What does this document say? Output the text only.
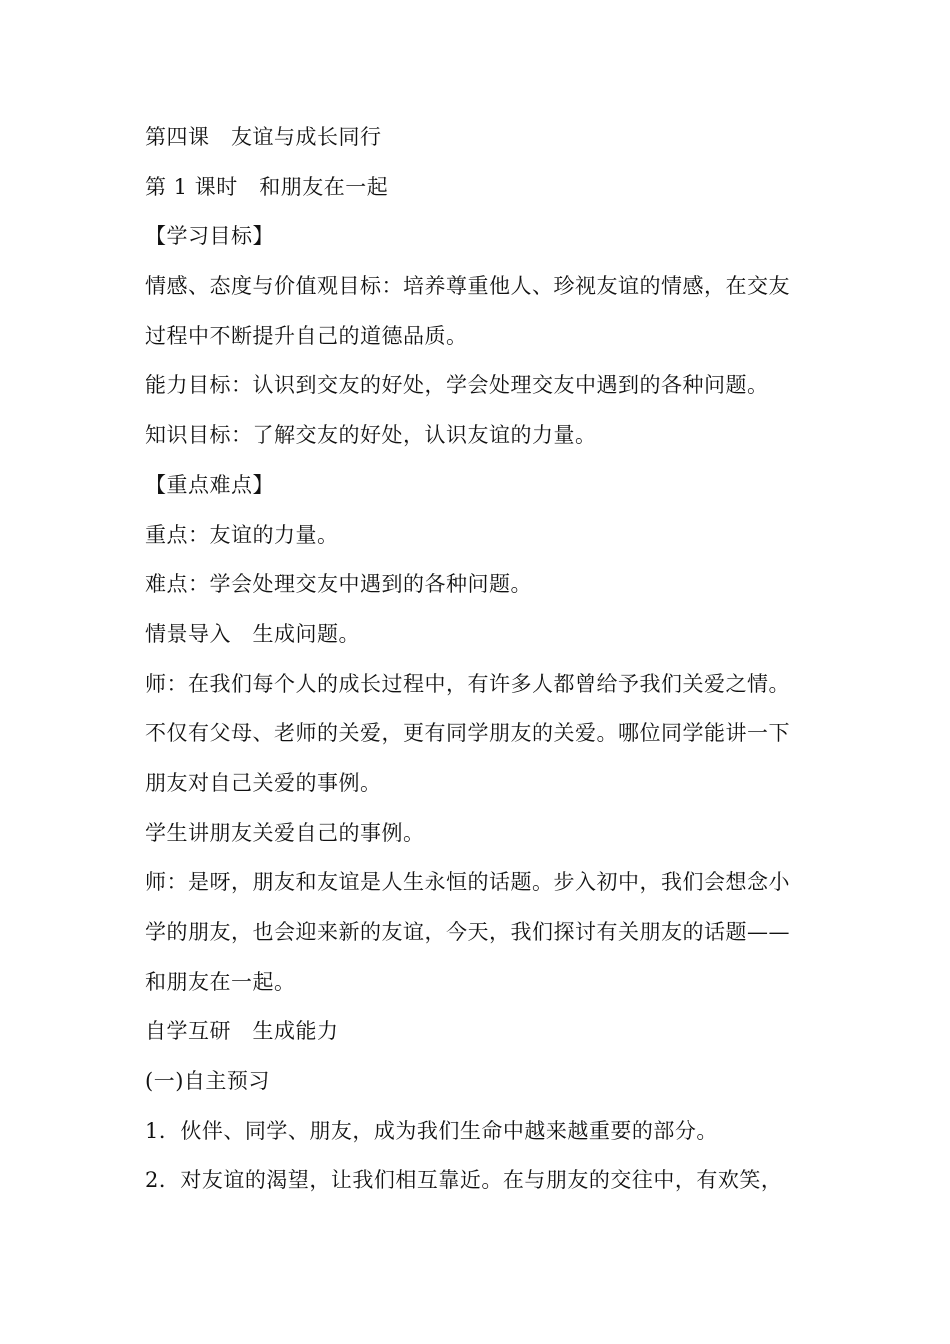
第四课　友谊与成长同行
第 1 课时　和朋友在一起
【学习目标】
情感、态度与价值观目标：培养尊重他人、珍视友谊的情感，在交友
过程中不断提升自己的道德品质。
能力目标：认识到交友的好处，学会处理交友中遇到的各种问题。
知识目标：了解交友的好处，认识友谊的力量。
【重点难点】
重点：友谊的力量。
难点：学会处理交友中遇到的各种问题。
情景导入　生成问题。
师：在我们每个人的成长过程中，有许多人都曾给予我们关爱之情。
不仅有父母、老师的关爱，更有同学朋友的关爱。哪位同学能讲一下
朋友对自己关爱的事例。
学生讲朋友关爱自己的事例。
师：是呀，朋友和友谊是人生永恒的话题。步入初中，我们会想念小
学的朋友，也会迎来新的友谊，今天，我们探讨有关朋友的话题——
和朋友在一起。
自学互研　生成能力
(一)自主预习
1．伙伴、同学、朋友，成为我们生命中越来越重要的部分。
2．对友谊的渴望，让我们相互靠近。在与朋友的交往中，有欢笑，
